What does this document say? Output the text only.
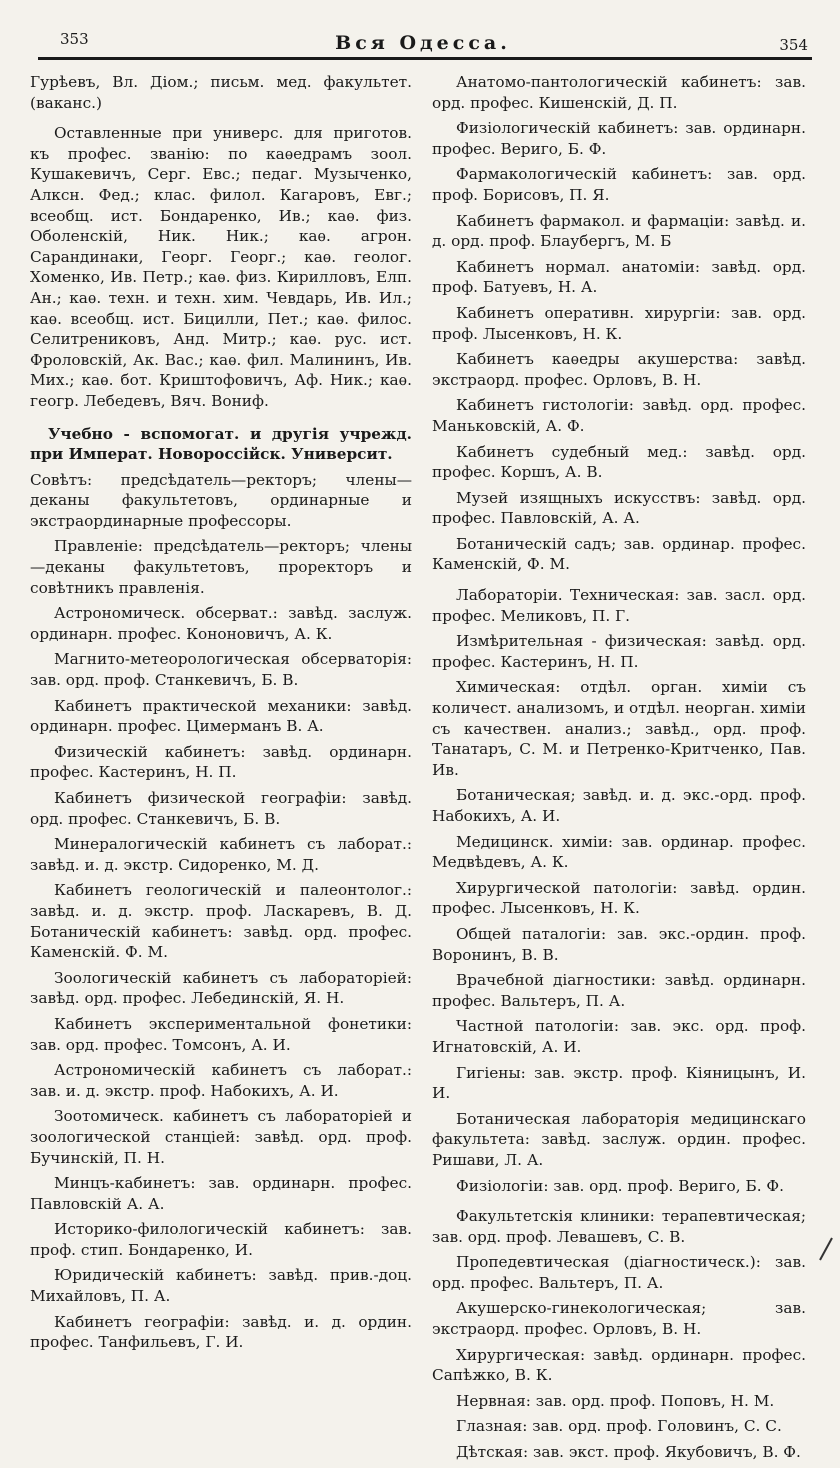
353	Вся Одесса.	354

Гурѣевъ, Вл. Діом.; письм. мед. факультет. (ваканс.)

Оставленные при универс. для приготов. къ профес. званію: по каѳедрамъ зоол. Кушакевичъ, Серг. Евс.; педаг. Музыченко, Алксн. Фед.; клас. филол. Кагаровъ, Евг.; всеобщ. ист. Бондаренко, Ив.; каѳ. физ. Оболенскій, Ник. Ник.; каѳ. агрон. Сарандинаки, Георг. Георг.; каѳ. геолог. Хоменко, Ив. Петр.; каѳ. физ. Кирилловъ, Елп. Ан.; каѳ. техн. и техн. хим. Чевдарь, Ив. Ил.; каѳ. всеобщ. ист. Бицилли, Пет.; каѳ. филос. Селитрениковъ, Анд. Митр.; каѳ. рус. ист. Фроловскій, Ак. Вас.; каѳ. фил. Малининъ, Ив. Мих.; каѳ. бот. Криштофовичъ, Аф. Ник.; каѳ. геогр. Лебедевъ, Вяч. Вониф.

Учебно - вспомогат. и другія учрежд. при Императ. Новороссійск. Университ.

Совѣтъ: предсѣдатель—ректоръ; члены—деканы факультетовъ, ординарные и экстраординарные профессоры.

Правленіе: предсѣдатель—ректоръ; члены—деканы факультетовъ, проректоръ и совѣтникъ правленія.

Астрономическ. обсерват.: завѣд. заслуж. ординарн. профес. Кононовичъ, А. К.

Магнито-метеорологическая обсерваторія: зав. орд. проф. Станкевичъ, Б. В.

Кабинетъ практической механики: завѣд. ординарн. профес. Цимерманъ В. А.

Физическій кабинетъ: завѣд. ординарн. профес. Кастеринъ, Н. П.

Кабинетъ физической географіи: завѣд. орд. профес. Станкевичъ, Б. В.

Минералогическій кабинетъ съ лаборат.: завѣд. и. д. экстр. Сидоренко, М. Д.

Кабинетъ геологическій и палеонтолог.: завѣд. и. д. экстр. проф. Ласкаревъ, В. Д. Ботаническій кабинетъ: завѣд. орд. профес. Каменскій. Ф. М.

Зоологическій кабинетъ съ лабораторіей: завѣд. орд. профес. Лебединскій, Я. Н.

Кабинетъ экспериментальной фонетики: зав. орд. профес. Томсонъ, А. И.

Астрономическій кабинетъ съ лаборат.: зав. и. д. экстр. проф. Набокихъ, А. И.

Зоотомическ. кабинетъ съ лабораторіей и зоологической станціей: завѣд. орд. проф. Бучинскій, П. Н.

Минцъ-кабинетъ: зав. ординарн. профес. Павловскій А. А.

Историко-филологическій кабинетъ: зав. проф. стип. Бондаренко, И.

Юридическій кабинетъ: завѣд. прив.-доц. Михайловъ, П. А.

Кабинетъ географіи: завѣд. и. д. ордин. профес. Танфильевъ, Г. И.

Анатомо-пантологическій кабинетъ: зав. орд. профес. Кишенскій, Д. П.

Физіологическій кабинетъ: зав. ординарн. профес. Вериго, Б. Ф.

Фармакологическій кабинетъ: зав. орд. проф. Борисовъ, П. Я.

Кабинетъ фармакол. и фармаціи: завѣд. и. д. орд. проф. Блаубергъ, М. Б

Кабинетъ нормал. анатоміи: завѣд. орд. проф. Батуевъ, Н. А.

Кабинетъ оперативн. хирургіи: зав. орд. проф. Лысенковъ, Н. К.

Кабинетъ каѳедры акушерства: завѣд. экстраорд. профес. Орловъ, В. Н.

Кабинетъ гистологіи: завѣд. орд. профес. Маньковскій, А. Ф.

Кабинетъ судебный мед.: завѣд. орд. профес. Коршъ, А. В.

Музей изящныхъ искусствъ: завѣд. орд. профес. Павловскій, А. А.

Ботаническій садъ; зав. ординар. профес. Каменскій, Ф. М.

Лабораторіи. Техническая: зав. засл. орд. профес. Меликовъ, П. Г.

Измѣрительная - физическая: завѣд. орд. профес. Кастеринъ, Н. П.

Химическая: отдѣл. орган. химіи съ количест. анализомъ, и отдѣл. неорган. химіи съ качествен. анализ.; завѣд., орд. проф. Танатаръ, С. М. и Петренко-Критченко, Пав. Ив.

Ботаническая; завѣд. и. д. экс.-орд. проф. Набокихъ, А. И.

Медицинск. химіи: зав. ординар. профес. Медвѣдевъ, А. К.

Хирургической патологіи: завѣд. ордин. профес. Лысенковъ, Н. К.

Общей паталогіи: зав. экс.-ордин. проф. Воронинъ, В. В.

Врачебной діагностики: завѣд. ординарн. профес. Вальтеръ, П. А.

Частной патологіи: зав. экс. орд. проф. Игнатовскій, А. И.

Гигіены: зав. экстр. проф. Кіяницынъ, И. И.

Ботаническая лабораторія медицинскаго факультета: завѣд. заслуж. ордин. профес. Ришави, Л. А.

Физіологіи: зав. орд. проф. Вериго, Б. Ф.

Факультетскія клиники: терапевтическая; зав. орд. проф. Левашевъ, С. В.

Пропедевтическая (діагностическ.): зав. орд. профес. Вальтеръ, П. А.

Акушерско-гинекологическая; зав. экстраорд. профес. Орловъ, В. Н.

Хирургическая: завѣд. ординарн. профес. Сапѣжко, В. К.

Нервная: зав. орд. проф. Поповъ, Н. М.

Глазная: зав. орд. проф. Головинъ, С. С.

Дѣтская: зав. экст. проф. Якубовичъ, В. Ф.
